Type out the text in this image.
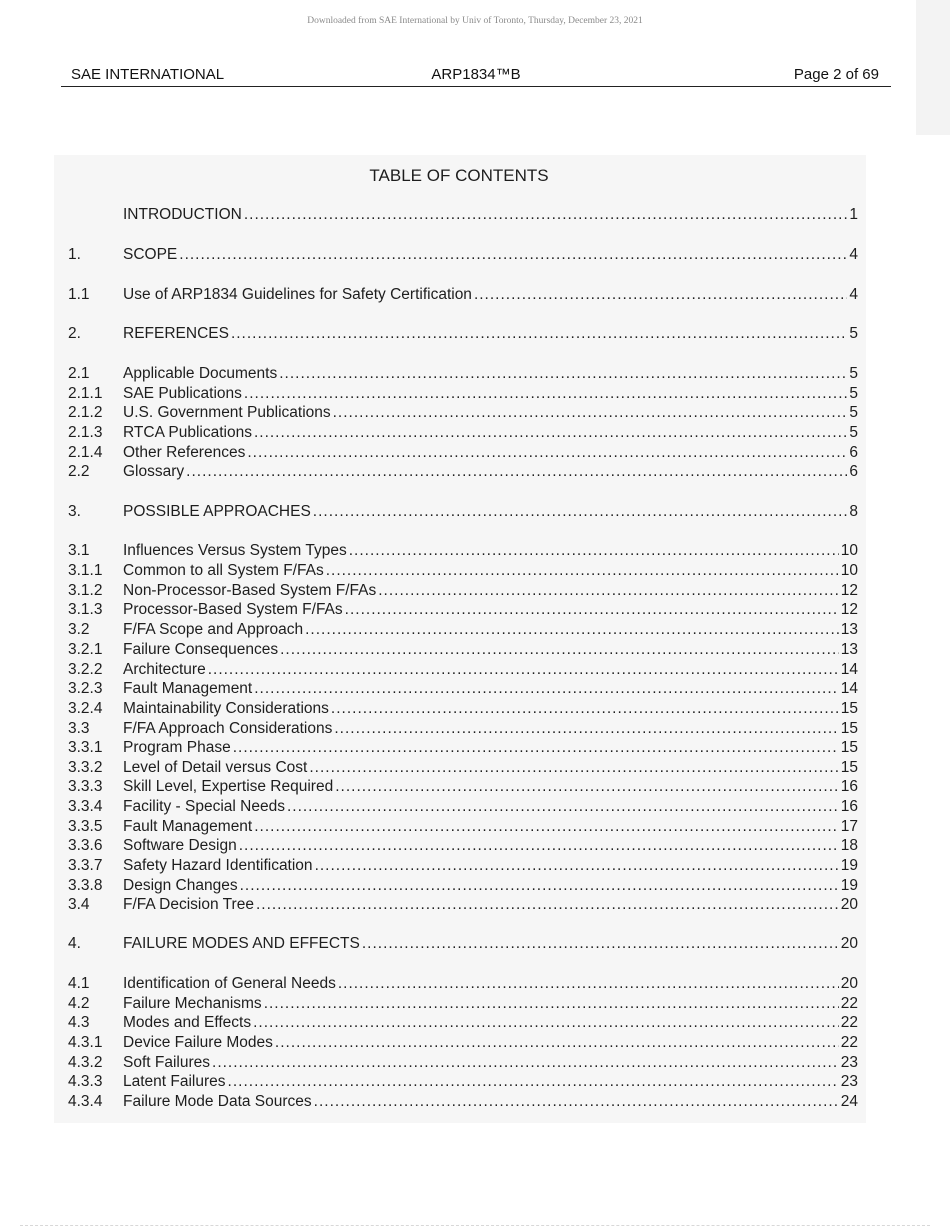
Downloaded from SAE International by Univ of Toronto, Thursday, December 23, 2021
SAE INTERNATIONAL	ARP1834™B	Page 2 of 69
TABLE OF CONTENTS
INTRODUCTION .....	1
1.	SCOPE .....	4
1.1 Use of ARP1834 Guidelines for Safety Certification .....	4
2.	REFERENCES .....	5
2.1 Applicable Documents .....	5
2.1.1 SAE Publications .....	5
2.1.2 U.S. Government Publications .....	5
2.1.3 RTCA Publications .....	5
2.1.4 Other References .....	6
2.2 Glossary .....	6
3.	POSSIBLE APPROACHES .....	8
3.1 Influences Versus System Types .....	10
3.1.1 Common to all System F/FAs .....	10
3.1.2 Non-Processor-Based System F/FAs .....	12
3.1.3 Processor-Based System F/FAs .....	12
3.2 F/FA Scope and Approach .....	13
3.2.1 Failure Consequences .....	13
3.2.2 Architecture .....	14
3.2.3 Fault Management .....	14
3.2.4 Maintainability Considerations .....	15
3.3 F/FA Approach Considerations .....	15
3.3.1 Program Phase .....	15
3.3.2 Level of Detail versus Cost .....	15
3.3.3 Skill Level, Expertise Required .....	16
3.3.4 Facility - Special Needs .....	16
3.3.5 Fault Management .....	17
3.3.6 Software Design .....	18
3.3.7 Safety Hazard Identification .....	19
3.3.8 Design Changes .....	19
3.4 F/FA Decision Tree .....	20
4.	FAILURE MODES AND EFFECTS .....	20
4.1 Identification of General Needs .....	20
4.2 Failure Mechanisms .....	22
4.3 Modes and Effects .....	22
4.3.1 Device Failure Modes .....	22
4.3.2 Soft Failures .....	23
4.3.3 Latent Failures .....	23
4.3.4 Failure Mode Data Sources .....	24
